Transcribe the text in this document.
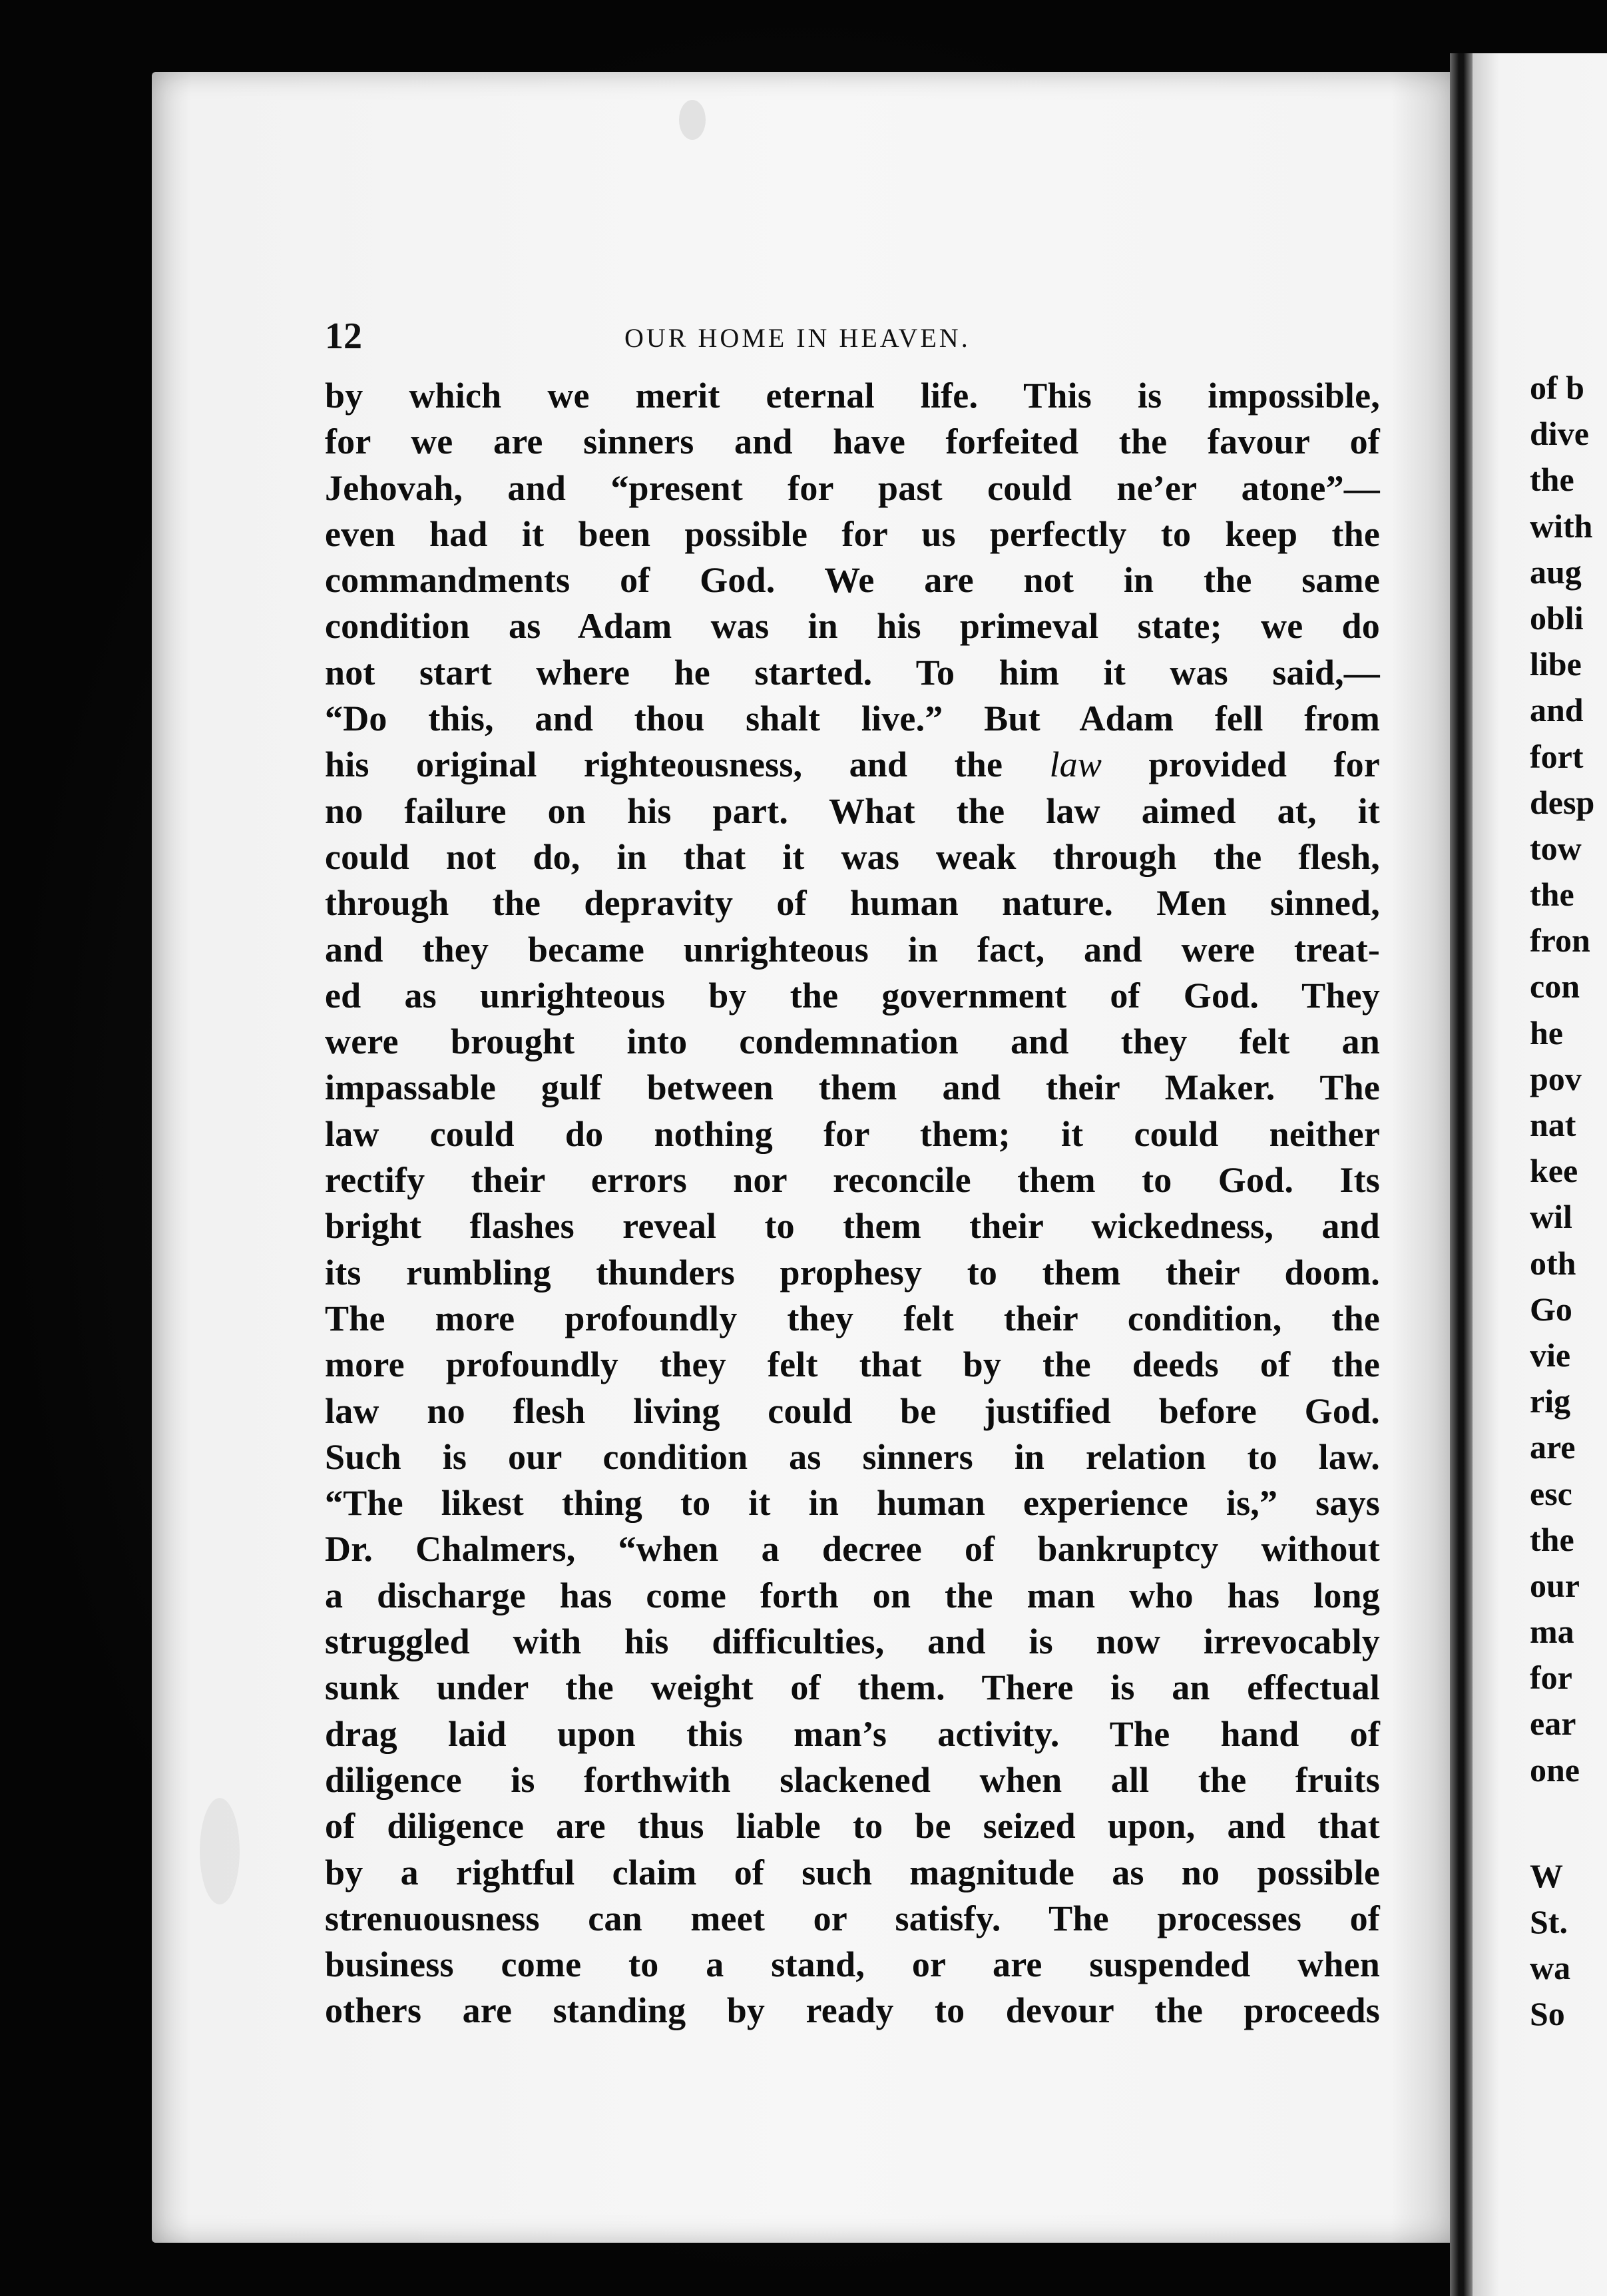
12	OUR HOME IN HEAVEN.
by which we merit eternal life. This is impossible,
for we are sinners and have forfeited the favour of
Jehovah, and “present for past could ne’er atone”—
even had it been possible for us perfectly to keep the
commandments of God. We are not in the same
condition as Adam was in his primeval state; we do
not start where he started. To him it was said,—
“Do this, and thou shalt live.” But Adam fell from
his original righteousness, and the law provided for
no failure on his part. What the law aimed at, it
could not do, in that it was weak through the flesh,
through the depravity of human nature. Men sinned,
and they became unrighteous in fact, and were treat-
ed as unrighteous by the government of God. They
were brought into condemnation and they felt an
impassable gulf between them and their Maker. The
law could do nothing for them; it could neither
rectify their errors nor reconcile them to God. Its
bright flashes reveal to them their wickedness, and
its rumbling thunders prophesy to them their doom.
The more profoundly they felt their condition, the
more profoundly they felt that by the deeds of the
law no flesh living could be justified before God.
Such is our condition as sinners in relation to law.
“The likest thing to it in human experience is,” says
Dr. Chalmers, “when a decree of bankruptcy without
a discharge has come forth on the man who has long
struggled with his difficulties, and is now irrevocably
sunk under the weight of them. There is an effectual
drag laid upon this man’s activity. The hand of
diligence is forthwith slackened when all the fruits
of diligence are thus liable to be seized upon, and that
by a rightful claim of such magnitude as no possible
strenuousness can meet or satisfy. The processes of
business come to a stand, or are suspended when
others are standing by ready to devour the proceeds
of b
dive
the
with
aug
obli
libe
and
fort
desp
tow
the
fron
con
he
pov
nat
kee
wil
oth
Go
vie
rig
are
esc
the
our
ma
for
ear
one
W
St.
wa
So
